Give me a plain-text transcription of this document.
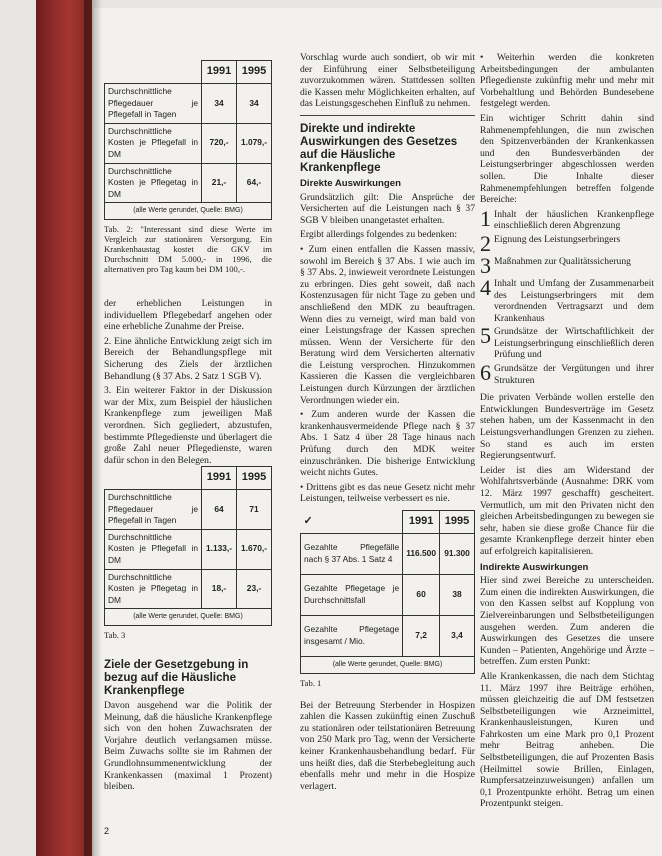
	1991	1995
Durchschnittliche Pflegedauer je Pflegefall in Tagen	34	34
Durchschnittliche Kosten je Pflegefall in DM	720,-	1.079,-
Durchschnittliche Kosten je Pflegetag in DM	21,-	64,-
(alle Werte gerundet, Quelle: BMG)
Tab. 2: "Interessant sind diese Werte im Vergleich zur stationären Versorgung. Ein Krankenhaustag kostet die GKV im Durchschnitt DM 5.000,- in 1996, die alternativen pro Tag kaum bei DM 100,-.

der erheblichen Leistungen in individuellem Pflegebedarf angehen oder eine erhebliche Zunahme der Preise.

2. Eine ähnliche Entwicklung zeigt sich im Bereich der Behandlungspflege mit Sicherung des Ziels der ärztlichen Behandlung (§ 37 Abs. 2 Satz 1 SGB V).

3. Ein weiterer Faktor in der Diskussion war der Mix, zum Beispiel der häuslichen Krankenpflege zum jeweiligen Maß verordnen. Sich gegliedert, abzustufen, bestimmte Pflegedienste und überlagert die große Zahl neuer Pflegedienste, waren dafür schon in den Belegen.

	1991	1995
Durchschnittliche Pflegedauer je Pflegefall in Tagen	64	71
Durchschnittliche Kosten je Pflegefall in DM	1.133,-	1.670,-
Durchschnittliche Kosten je Pflegetag in DM	18,-	23,-
(alle Werte gerundet, Quelle: BMG)
Tab. 3
Ziele der Gesetzgebung in bezug auf die Häusliche Krankenpflege

Davon ausgehend war die Politik der Meinung, daß die häusliche Krankenpflege sich von den hohen Zuwachsraten der Vorjahre deutlich verlangsamen müsse. Beim Zuwachs sollte sie im Rahmen der Grundlohnsummenentwicklung der Krankenkassen (maximal 1 Prozent) bleiben.

Vorschlag wurde auch sondiert, ob wir mit der Einführung einer Selbstbeteiligung zuvorzukommen wären. Stattdessen sollten die Kassen mehr Möglichkeiten erhalten, auf das Leistungsgeschehen Einfluß zu nehmen.

Direkte und indirekte Auswirkungen des Gesetzes auf die Häusliche Krankenpflege
Direkte Auswirkungen

Grundsätzlich gilt: Die Ansprüche der Versicherten auf die Leistungen nach § 37 SGB V bleiben unangetastet erhalten.

Ergibt allerdings folgendes zu bedenken:

• Zum einen entfallen die Kassen massiv, sowohl im Bereich § 37 Abs. 1 wie auch im § 37 Abs. 2, inwieweit verordnete Leistungen zu erbringen. Dies geht soweit, daß nach Kostenzusagen für nicht Tage zu geben und anschließend den MDK zu beauftragen. Wenn dies zu verneigt, wird man bald von einer Leistungsfrage der Kassen sprechen müssen. Wenn der Versicherte für den Beratung wird dem Versicherten alternativ die Leistung versprochen. Hinzukommen Kassieren die Kassen die vergleichbaren Leistungen durch Kürzungen der ärztlichen Verordnungen wieder ein.

• Zum anderen wurde der Kassen die krankenhausvermeidende Pflege nach § 37 Abs. 1 Satz 4 über 28 Tage hinaus nach Prüfung durch den MDK weiter einzuschränken. Die bisherige Entwicklung weicht nichts Gutes.

• Drittens gibt es das neue Gesetz nicht mehr Leistungen, teilweise verbessert es nie.

✓	1991	1995
Gezahlte Pflegefälle nach § 37 Abs. 1 Satz 4	116.500	91.300
Gezahlte Pflegetage je Durchschnittsfall	60	38
Gezahlte Pflegetage insgesamt / Mio.	7,2	3,4
(alle Werte gerundet, Quelle: BMG)
Tab. 1

Bei der Betreuung Sterbender in Hospizen zahlen die Kassen zukünftig einen Zuschuß zu stationären oder teilstationären Betreuung von 250 Mark pro Tag, wenn der Versicherte keiner Krankenhausbehandlung bedarf. Für uns heißt dies, daß die Sterbebegleitung auch ebenfalls mehr und mehr in die Hospize verlagert.

• Weiterhin werden die konkreten Arbeitsbedingungen der ambulanten Pflegedienste zukünftig mehr und mehr mit Vorbehaltlung und Behörden Bundesebene festgelegt werden.

Ein wichtiger Schritt dahin sind Rahmenempfehlungen, die nun zwischen den Spitzenverbänden der Krankenkassen und den Bundesverbänden der Leistungserbringer abgeschlossen werden sollen. Die Inhalte dieser Rahmenempfehlungen betreffen folgende Bereiche:

1 Inhalt der häuslichen Krankenpflege einschließlich deren Abgrenzung
2 Eignung des Leistungserbringers
3 Maßnahmen zur Qualitätssicherung
4 Inhalt und Umfang der Zusammenarbeit des Leistungserbringers mit dem verordnenden Vertragsarzt und dem Krankenhaus
5 Grundsätze der Wirtschaftlichkeit der Leistungserbringung einschließlich deren Prüfung und
6 Grundsätze der Vergütungen und ihrer Strukturen

Die privaten Verbände wollen erstelle den Entwicklungen Bundesverträge im Gesetz stehen haben, um der Kassenmacht in den Leistungsverhandlungen Grenzen zu ziehen. So stand es auch im ersten Regierungsentwurf.

Leider ist dies am Widerstand der Wohlfahrtsverbände (Ausnahme: DRK vom 12. März 1997 geschafft) gescheitert. Vermutlich, um mit den Privaten nicht den gleichen Arbeitsbedingungen zu bewegen sie sehr, haben sie diese große Chance für die gesamte Krankenpflege derzeit hinter eben auf erfolgreich kapitalisieren.

Indirekte Auswirkungen

Hier sind zwei Bereiche zu unterscheiden. Zum einen die indirekten Auswirkungen, die von den Kassen selbst auf Kopplung von Zielvereinbarungen und Selbstbeteiligungen ausgehen werden. Zum anderen die Auswirkungen des Gesetzes die unsere Kunden – Patienten, Angehörige und Ärzte – betreffen. Zum ersten Punkt:

Alle Krankenkassen, die nach dem Stichtag 11. März 1997 ihre Beiträge erhöhen, müssen gleichzeitig die auf DM festsetzen Selbstbeteiligungen wie Arzneimittel, Krankenhausleistungen, Kuren und Fahrkosten um eine Mark pro 0,1 Prozent mehr Beitrag anheben. Die Selbstbeteiligungen, die auf Prozenten Basis (Heilmittel sowie Brillen, Einlagen, Rumpfersatzeinzuweisungen) anfallen um 0,1 Prozentpunkte erhöht. Betrag um einen Prozentpunkt steigen.

2
